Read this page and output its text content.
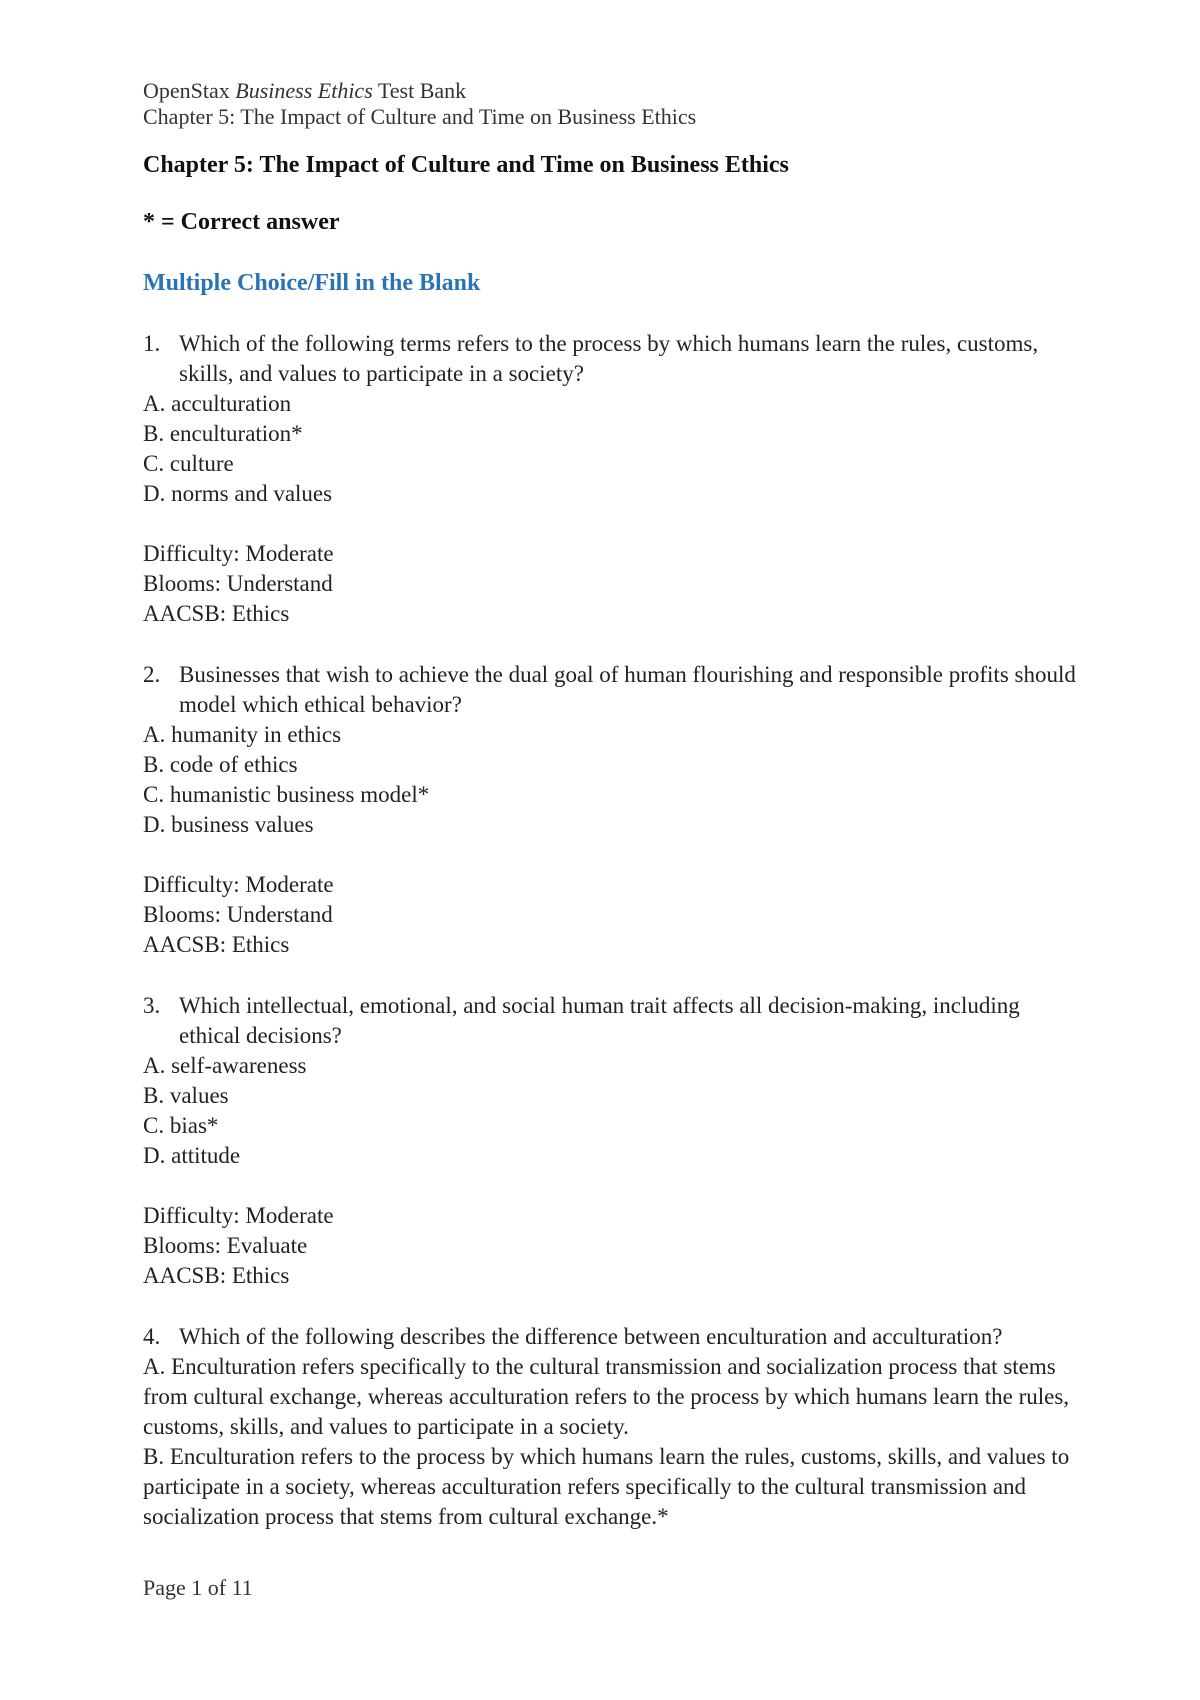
OpenStax Business Ethics Test Bank
Chapter 5: The Impact of Culture and Time on Business Ethics
Chapter 5: The Impact of Culture and Time on Business Ethics
* = Correct answer
Multiple Choice/Fill in the Blank
1. Which of the following terms refers to the process by which humans learn the rules, customs, skills, and values to participate in a society?
A. acculturation
B. enculturation*
C. culture
D. norms and values
Difficulty: Moderate
Blooms: Understand
AACSB: Ethics
2. Businesses that wish to achieve the dual goal of human flourishing and responsible profits should model which ethical behavior?
A. humanity in ethics
B. code of ethics
C. humanistic business model*
D. business values
Difficulty: Moderate
Blooms: Understand
AACSB: Ethics
3. Which intellectual, emotional, and social human trait affects all decision-making, including ethical decisions?
A. self-awareness
B. values
C. bias*
D. attitude
Difficulty: Moderate
Blooms: Evaluate
AACSB: Ethics
4. Which of the following describes the difference between enculturation and acculturation?
A. Enculturation refers specifically to the cultural transmission and socialization process that stems from cultural exchange, whereas acculturation refers to the process by which humans learn the rules, customs, skills, and values to participate in a society.
B. Enculturation refers to the process by which humans learn the rules, customs, skills, and values to participate in a society, whereas acculturation refers specifically to the cultural transmission and socialization process that stems from cultural exchange.*
Page 1 of 11
